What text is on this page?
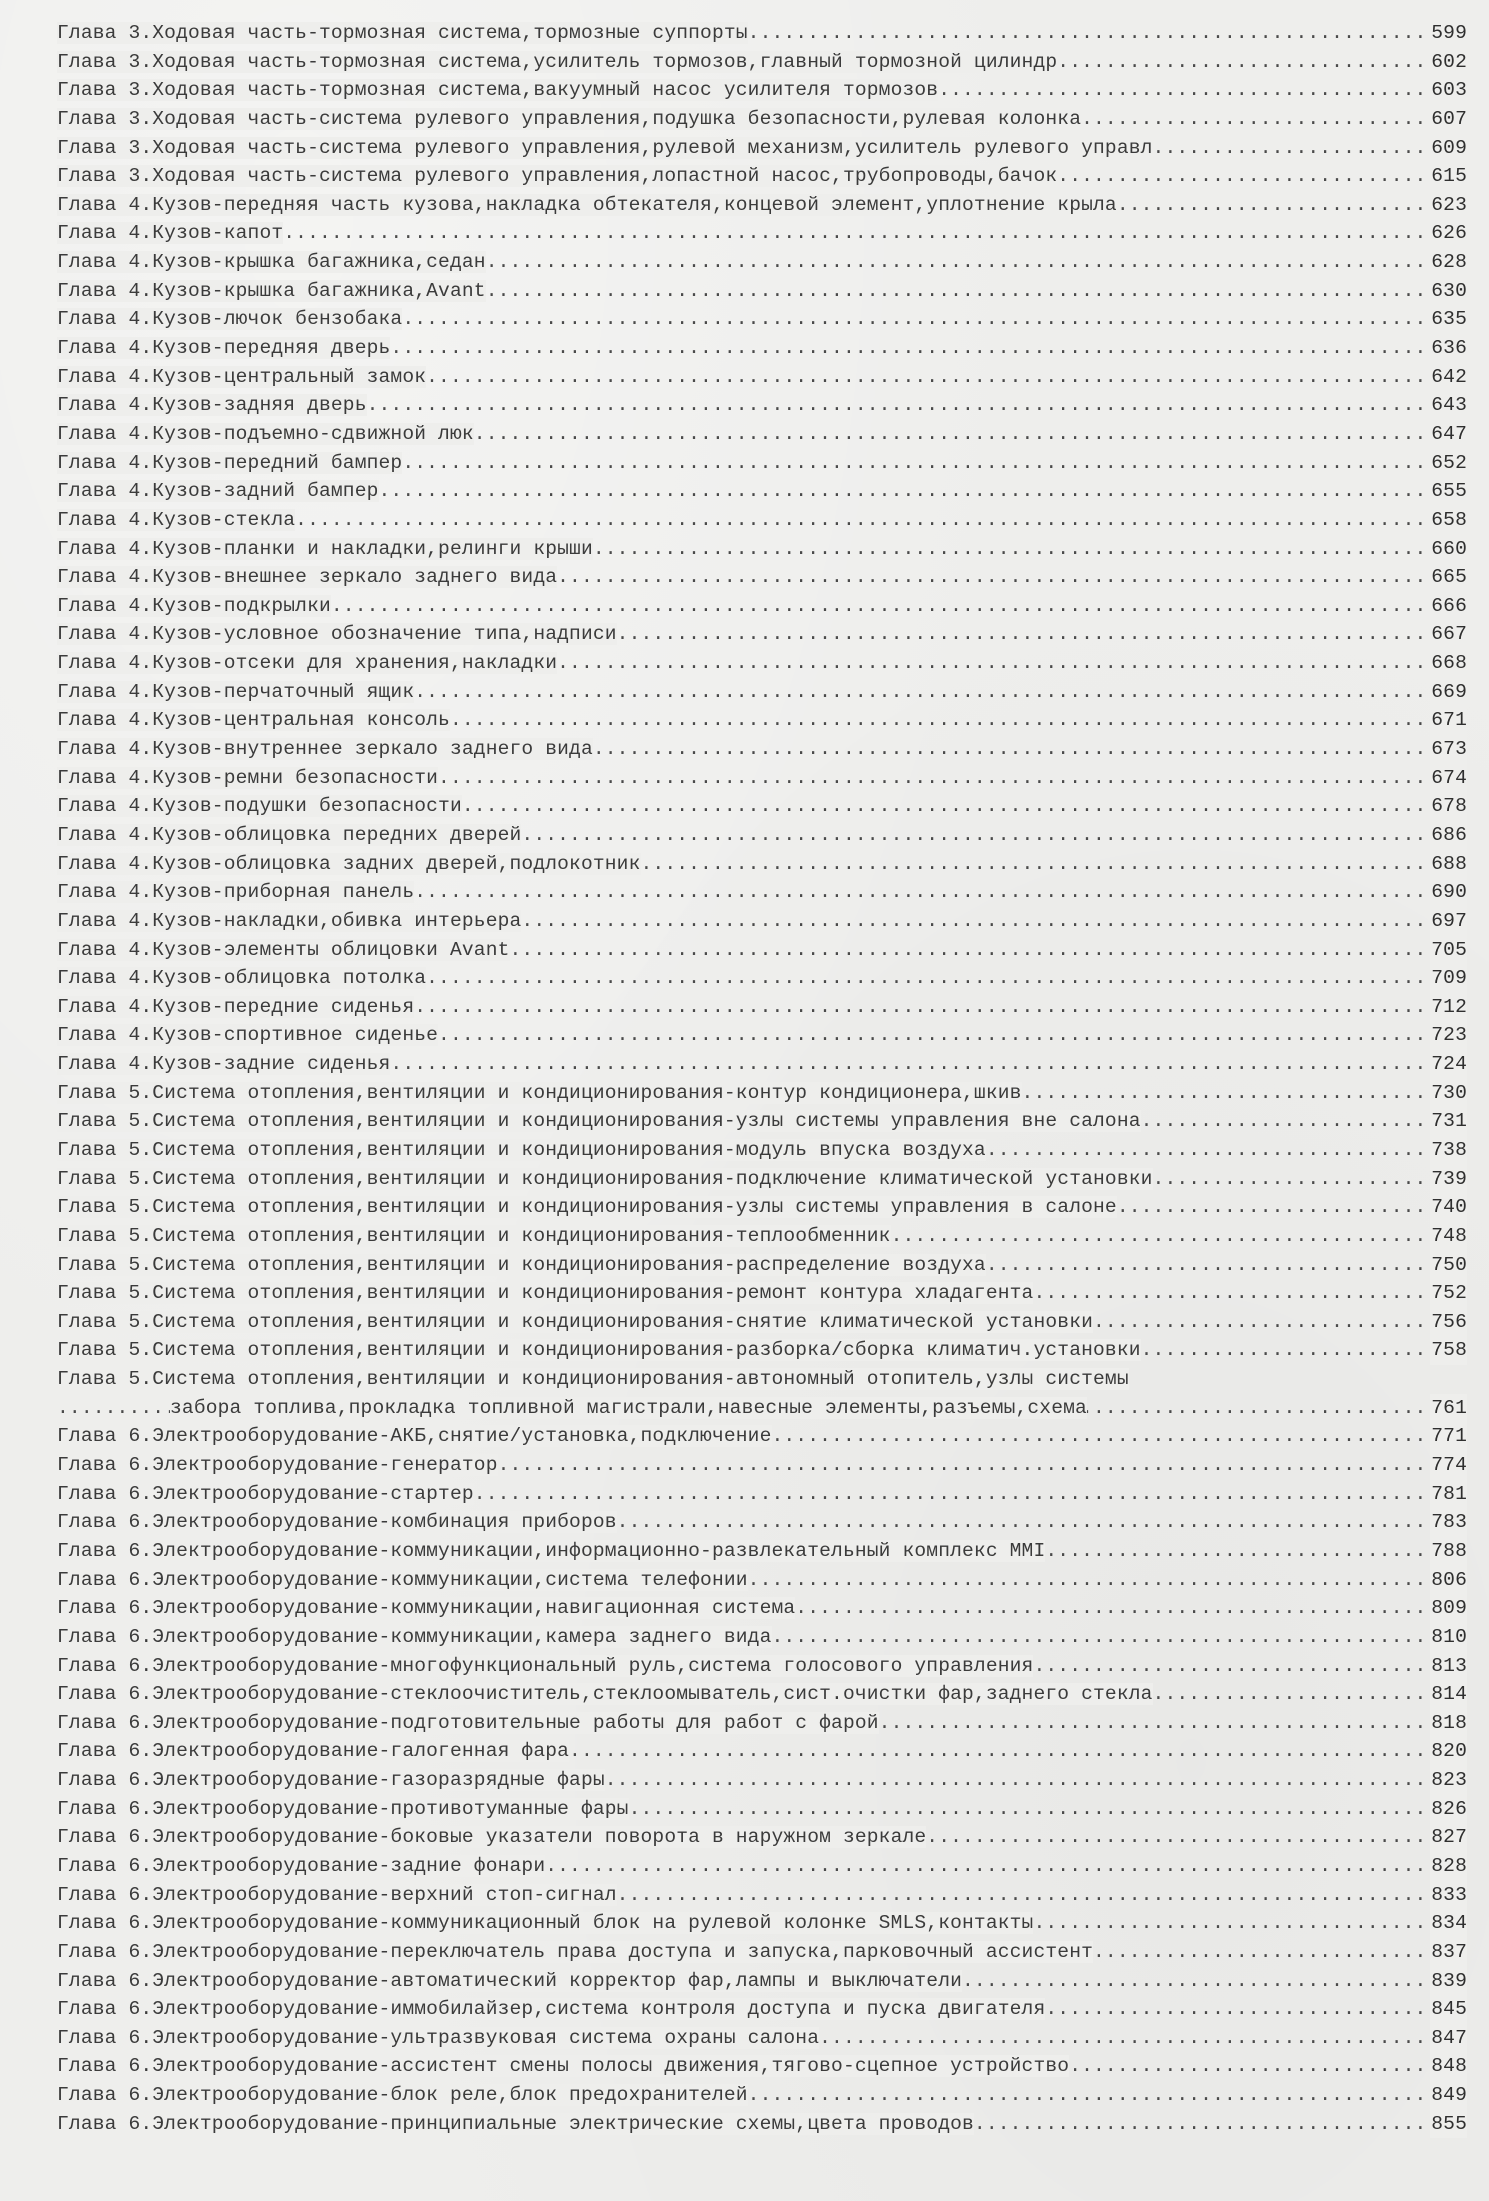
.....
Глава 3.Ходовая часть-тормозная система,тормозные суппорты	599
.....
Глава 3.Ходовая часть-тормозная система,усилитель тормозов,главный тормозной цилиндр	602
.....
Глава 3.Ходовая часть-тормозная система,вакуумный насос усилителя тормозов	603
.....
Глава 3.Ходовая часть-система рулевого управления,подушка безопасности,рулевая колонка	607
.....
Глава 3.Ходовая часть-система рулевого управления,рулевой механизм,усилитель рулевого управл	609
.....
Глава 3.Ходовая часть-система рулевого управления,лопастной насос,трубопроводы,бачок	615
.....
Глава 4.Кузов-передняя часть кузова,накладка обтекателя,концевой элемент,уплотнение крыла	623
.....
Глава 4.Кузов-капот	626
.....
Глава 4.Кузов-крышка багажника,седан	628
.....
Глава 4.Кузов-крышка багажника,Avant	630
.....
Глава 4.Кузов-лючок бензобака	635
.....
Глава 4.Кузов-передняя дверь	636
.....
Глава 4.Кузов-центральный замок	642
.....
Глава 4.Кузов-задняя дверь	643
.....
Глава 4.Кузов-подъемно-сдвижной люк	647
.....
Глава 4.Кузов-передний бампер	652
.....
Глава 4.Кузов-задний бампер	655
.....
Глава 4.Кузов-стекла	658
.....
Глава 4.Кузов-планки и накладки,релинги крыши	660
.....
Глава 4.Кузов-внешнее зеркало заднего вида	665
.....
Глава 4.Кузов-подкрылки	666
.....
Глава 4.Кузов-условное обозначение типа,надписи	667
.....
Глава 4.Кузов-отсеки для хранения,накладки	668
.....
Глава 4.Кузов-перчаточный ящик	669
.....
Глава 4.Кузов-центральная консоль	671
.....
Глава 4.Кузов-внутреннее зеркало заднего вида	673
.....
Глава 4.Кузов-ремни безопасности	674
.....
Глава 4.Кузов-подушки безопасности	678
.....
Глава 4.Кузов-облицовка передних дверей	686
.....
Глава 4.Кузов-облицовка задних дверей,подлокотник	688
.....
Глава 4.Кузов-приборная панель	690
.....
Глава 4.Кузов-накладки,обивка интерьера	697
.....
Глава 4.Кузов-элементы облицовки Avant	705
.....
Глава 4.Кузов-облицовка потолка	709
.....
Глава 4.Кузов-передние сиденья	712
.....
Глава 4.Кузов-спортивное сиденье	723
.....
Глава 4.Кузов-задние сиденья	724
.....
Глава 5.Система отопления,вентиляции и кондиционирования-контур кондиционера,шкив	730
.....
Глава 5.Система отопления,вентиляции и кондиционирования-узлы системы управления вне салона	731
.....
Глава 5.Система отопления,вентиляции и кондиционирования-модуль впуска воздуха	738
.....
Глава 5.Система отопления,вентиляции и кондиционирования-подключение климатической установки	739
.....
Глава 5.Система отопления,вентиляции и кондиционирования-узлы системы управления в салоне	740
.....
Глава 5.Система отопления,вентиляции и кондиционирования-теплообменник	748
.....
Глава 5.Система отопления,вентиляции и кондиционирования-распределение воздуха	750
.....
Глава 5.Система отопления,вентиляции и кондиционирования-ремонт контура хладагента	752
.....
Глава 5.Система отопления,вентиляции и кондиционирования-снятие климатической установки	756
.....
Глава 5.Система отопления,вентиляции и кондиционирования-разборка/сборка климатич.установки	758
Глава 5.Система отопления,вентиляции и кондиционирования-автономный отопитель,узлы системы
.....
забора топлива,прокладка топливной магистрали,навесные элементы,разъемы,схема	761
.....
Глава 6.Электрооборудование-АКБ,снятие/установка,подключение	771
.....
Глава 6.Электрооборудование-генератор	774
.....
Глава 6.Электрооборудование-стартер	781
.....
Глава 6.Электрооборудование-комбинация приборов	783
.....
Глава 6.Электрооборудование-коммуникации,информационно-развлекательный комплекс MMI	788
.....
Глава 6.Электрооборудование-коммуникации,система телефонии	806
.....
Глава 6.Электрооборудование-коммуникации,навигационная система	809
.....
Глава 6.Электрооборудование-коммуникации,камера заднего вида	810
.....
Глава 6.Электрооборудование-многофункциональный руль,система голосового управления	813
.....
Глава 6.Электрооборудование-стеклоочиститель,стеклоомыватель,сист.очистки фар,заднего стекла	814
.....
Глава 6.Электрооборудование-подготовительные работы для работ с фарой	818
.....
Глава 6.Электрооборудование-галогенная фара	820
.....
Глава 6.Электрооборудование-газоразрядные фары	823
.....
Глава 6.Электрооборудование-противотуманные фары	826
.....
Глава 6.Электрооборудование-боковые указатели поворота в наружном зеркале	827
.....
Глава 6.Электрооборудование-задние фонари	828
.....
Глава 6.Электрооборудование-верхний стоп-сигнал	833
.....
Глава 6.Электрооборудование-коммуникационный блок на рулевой колонке SMLS,контакты	834
.....
Глава 6.Электрооборудование-переключатель права доступа и запуска,парковочный ассистент	837
.....
Глава 6.Электрооборудование-автоматический корректор фар,лампы и выключатели	839
.....
Глава 6.Электрооборудование-иммобилайзер,система контроля доступа и пуска двигателя	845
.....
Глава 6.Электрооборудование-ультразвуковая система охраны салона	847
.....
Глава 6.Электрооборудование-ассистент смены полосы движения,тягово-сцепное устройство	848
.....
Глава 6.Электрооборудование-блок реле,блок предохранителей	849
.....
Глава 6.Электрооборудование-принципиальные электрические схемы,цвета проводов	855
